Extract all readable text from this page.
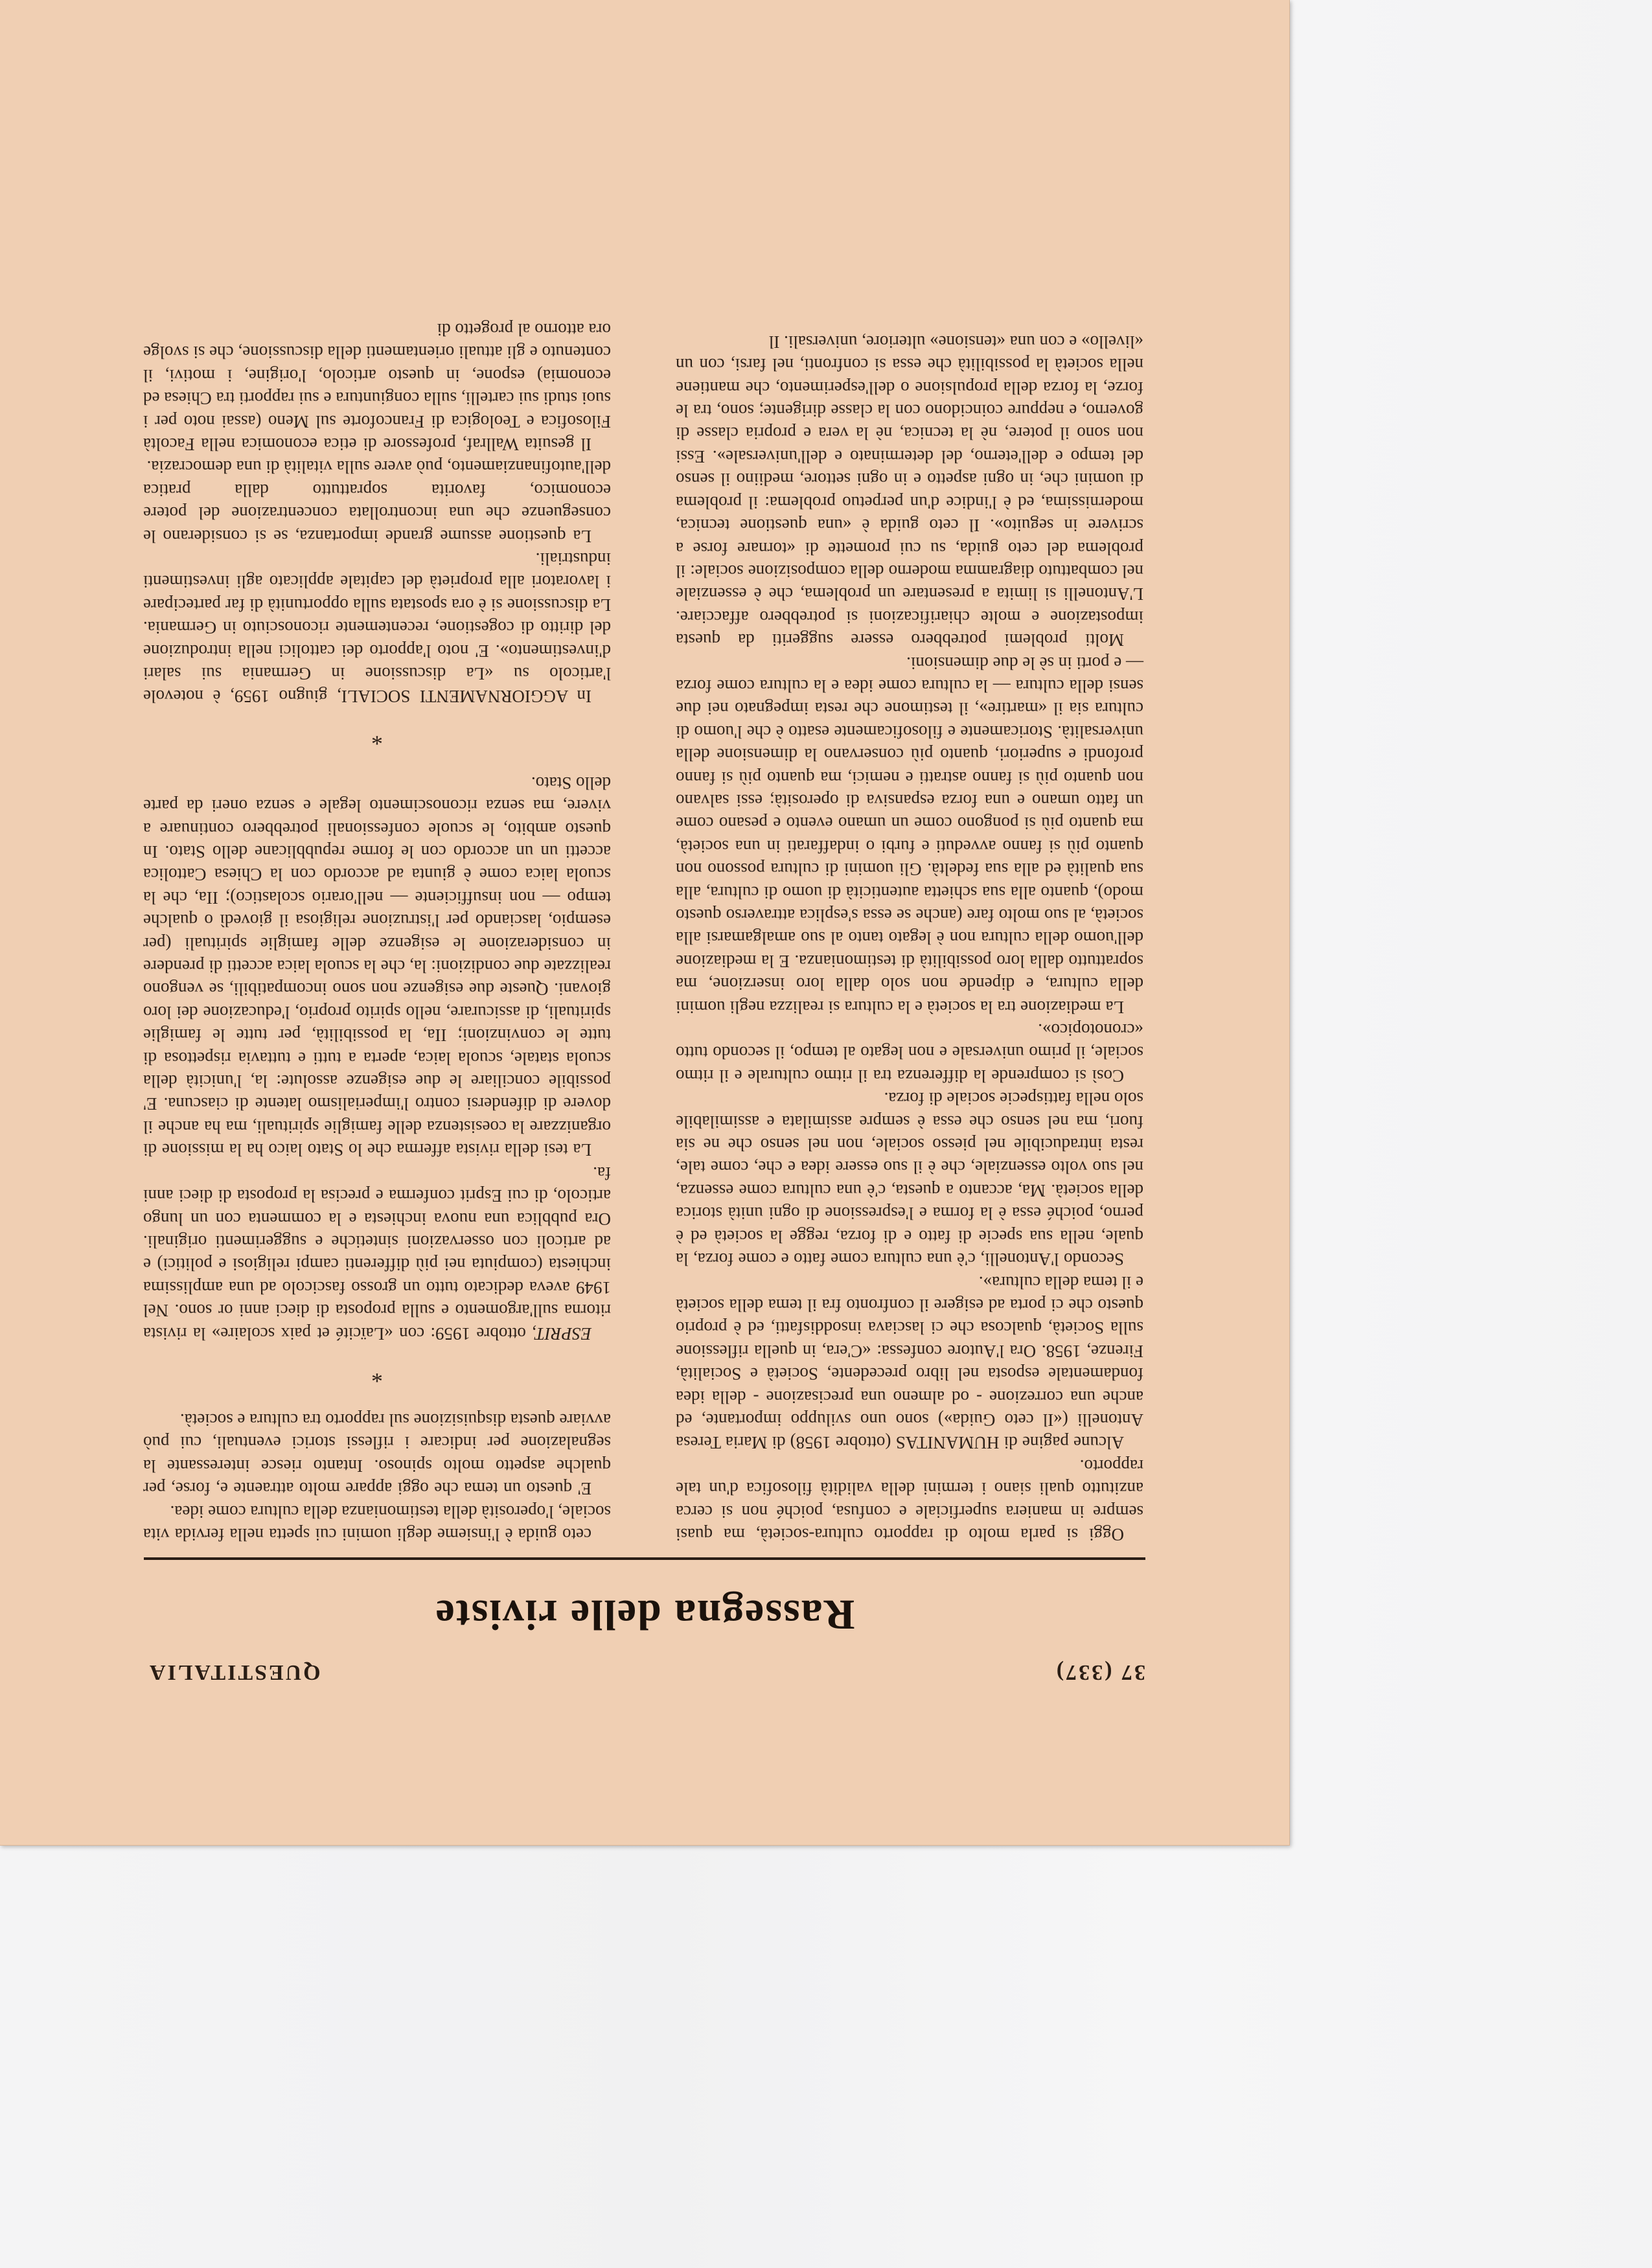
37 (337)
QUESTITALIA
Rassegna delle riviste

Oggi si parla molto di rapporto cultura-società, ma quasi sempre in maniera superficiale e confusa, poiché non si cerca anzitutto quali siano i termini della validità filosofica d'un tale rapporto.

Alcune pagine di HUMANITAS (ottobre 1958) di Maria Teresa Antonelli («Il ceto Guida») sono uno sviluppo importante, ed anche una correzione - od almeno una precisazione - della idea fondamentale esposta nel libro precedente, Società e Socialità, Firenze, 1958. Ora l'Autore confessa: «C'era, in quella riflessione sulla Società, qualcosa che ci lasciava insoddisfatti, ed è proprio questo che ci porta ad esigere il confronto fra il tema della società e il tema della cultura».

Secondo l'Antonelli, c'è una cultura come fatto e come forza, la quale, nella sua specie di fatto e di forza, regge la società ed è perno, poiché essa è la forma e l'espressione di ogni unità storica della società. Ma, accanto a questa, c'è una cultura come essenza, nel suo volto essenziale, che è il suo essere idea e che, come tale, resta intraducibile nel piesso sociale, non nel senso che ne sia fuori, ma nel senso che essa è sempre assimilata e assimilabile solo nella fattispecie sociale di forza.

Così si comprende la differenza tra il ritmo culturale e il ritmo sociale, il primo universale e non legato al tempo, il secondo tutto «cronotopico».

La mediazione tra la società e la cultura si realizza negli uomini della cultura, e dipende non solo dalla loro inserzione, ma soprattutto dalla loro possibilità di testimonianza. E la mediazione dell'uomo della cultura non è legato tanto al suo amalgamarsi alla società, al suo molto fare (anche se essa s'esplica attraverso questo modo), quanto alla sua schietta autenticità di uomo di cultura, alla sua qualità ed alla sua fedeltà. Gli uomini di cultura possono non quanto più si fanno avveduti e furbi o indaffarati in una società, ma quanto più si pongono come un umano evento e pesano come un fatto umano e una forza espansiva di operosità; essi salvano non quanto più si fanno astratti e nemici, ma quanto più si fanno profondi e superiori, quanto più conservano la dimensione della universalità. Storicamente e filosoficamente esatto è che l'uomo di cultura sia il «martire», il testimone che resta impegnato nei due sensi della cultura — la cultura come idea e la cultura come forza — e porti in sè le due dimensioni.

Molti problemi potrebbero essere suggeriti da questa impostazione e molte chiarificazioni si potrebbero affacciare. L'Antonelli si limita a presentare un problema, che è essenziale nel combattuto diagramma moderno della composizione sociale: il problema del ceto guida, su cui promette di «tornare forse a scrivere in seguito». Il ceto guida è «una questione tecnica, modernissima, ed è l'indice d'un perpetuo problema: il problema di uomini che, in ogni aspetto e in ogni settore, mediino il senso del tempo e dell'eterno, del determinato e dell'universale». Essi non sono il potere, nè la tecnica, nè la vera e propria classe di governo, e neppure coincidono con la classe dirigente; sono, tra le forze, la forza della propulsione o dell'esperimento, che mantiene nella società la possibilità che essa si confronti, nel farsi, con un «livello» e con una «tensione» ulteriore, universali. Il

ceto guida è l'insieme degli uomini cui spetta nella fervida vita sociale, l'operosità della testimonianza della cultura come idea.

E' questo un tema che oggi appare molto attraente e, forse, per qualche aspetto molto spinoso. Intanto riesce interessante la segnalazione per indicare i riflessi storici eventuali, cui può avviare questa disquisizione sul rapporto tra cultura e società.

*

ESPRIT, ottobre 1959: con «Laïcité et paix scolaire» la rivista ritorna sull'argomento e sulla proposta di dieci anni or sono. Nel 1949 aveva dedicato tutto un grosso fascicolo ad una amplissima inchiesta (compiuta nei più differenti campi religiosi e politici) e ad articoli con osservazioni sintetiche e suggerimenti originali. Ora pubblica una nuova inchiesta e la commenta con un lungo articolo, di cui Esprit conferma e precisa la proposta di dieci anni fa.

La tesi della rivista afferma che lo Stato laico ha la missione di organizzare la coesistenza delle famiglie spirituali, ma ha anche il dovere di difendersi contro l'imperialismo latente di ciascuna. E' possibile conciliare le due esigenze assolute: la, l'unicità della scuola statale, scuola laica, aperta a tutti e tuttavia rispettosa di tutte le convinzioni; IIa, la possibilità, per tutte le famiglie spirituali, di assicurare, nello spirito proprio, l'educazione dei loro giovani. Queste due esigenze non sono incompatibili, se vengono realizzate due condizioni: la, che la scuola laica accetti di prendere in considerazione le esigenze delle famiglie spirituali (per esempio, lasciando per l'istruzione religiosa il giovedì o qualche tempo — non insufficiente — nell'orario scolastico); IIa, che la scuola laica come è giunta ad accordo con la Chiesa Cattolica accetti un un accordo con le forme repubblicane dello Stato. In questo ambito, le scuole confessionali potrebbero continuare a vivere, ma senza riconoscimento legale e senza oneri da parte dello Stato.

*

In AGGIORNAMENTI SOCIALI, giugno 1959, è notevole l'articolo su «La discussione in Germania sui salari d'investimento». E' noto l'apporto dei cattolici nella introduzione del diritto di cogestione, recentemente riconosciuto in Germania. La discussione si è ora spostata sulla opportunità di far partecipare i lavoratori alla proprietà del capitale applicato agli investimenti industriali.

La questione assume grande importanza, se si considerano le conseguenze che una incontrollata concentrazione del potere economico, favorita soprattutto dalla pratica dell'autofinanziamento, può avere sulla vitalità di una democrazia.

Il gesuita Wallraf, professore di etica economica nella Facoltà Filosofica e Teologica di Francoforte sul Meno (assai noto per i suoi studi sui cartelli, sulla congiuntura e sui rapporti tra Chiesa ed economia) espone, in questo articolo, l'origine, i motivi, il contenuto e gli attuali orientamenti della discussione, che si svolge ora attorno al progetto di
